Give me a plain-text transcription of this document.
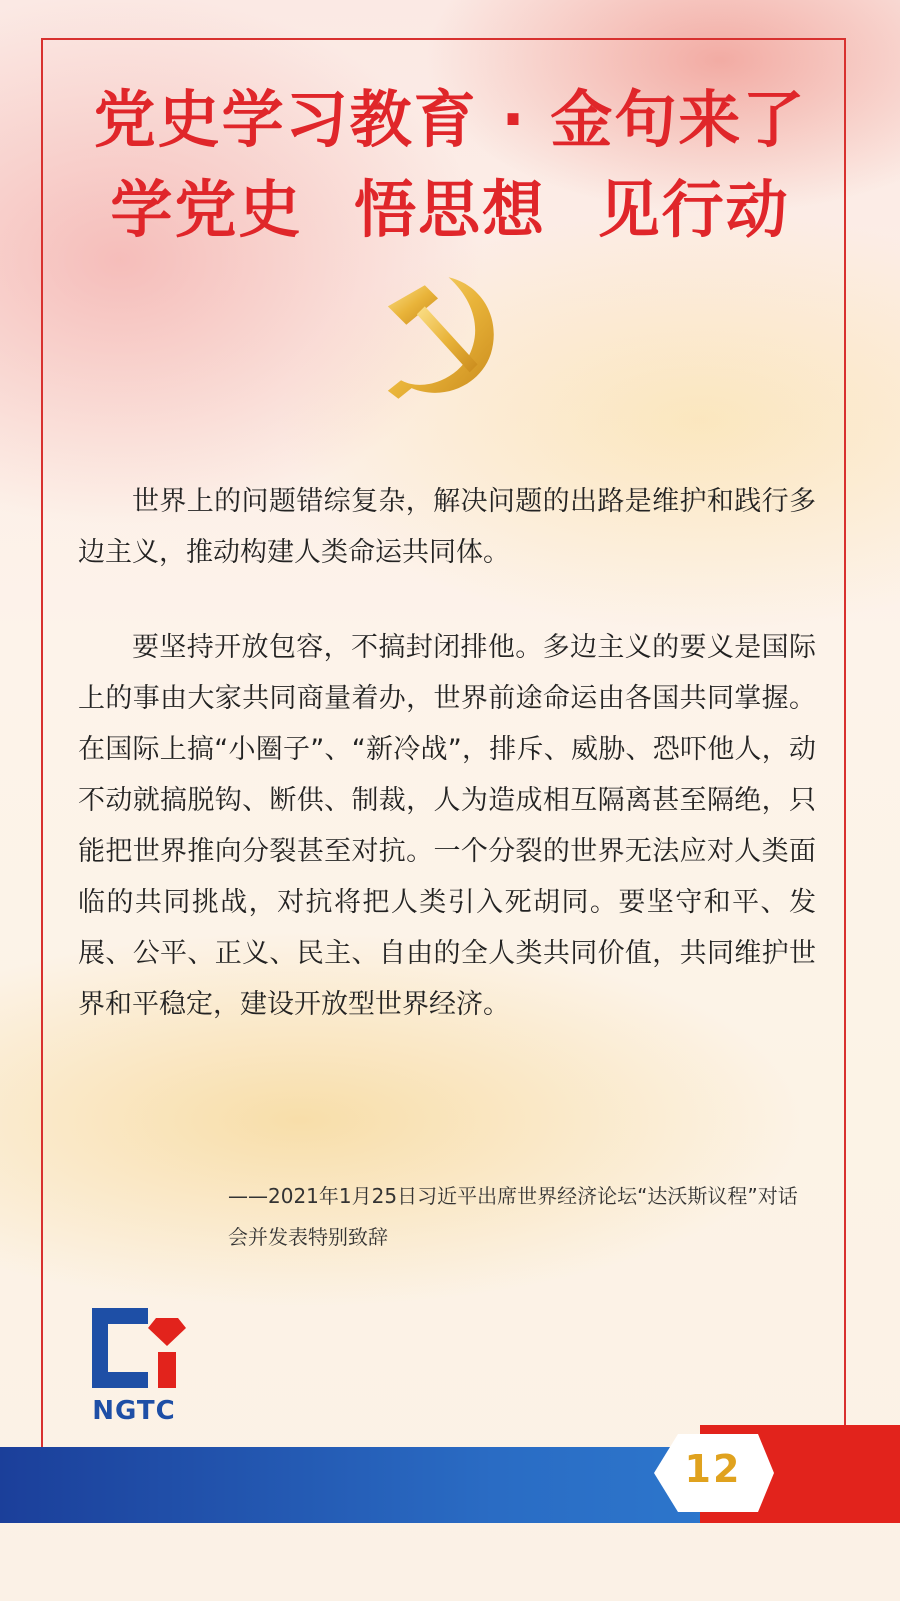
党史学习教育 · 金句来了
学党史 悟思想 见行动

世界上的问题错综复杂，解决问题的出路是维护和践行多边主义，推动构建人类命运共同体。

要坚持开放包容，不搞封闭排他。多边主义的要义是国际上的事由大家共同商量着办，世界前途命运由各国共同掌握。在国际上搞“小圈子”、“新冷战”，排斥、威胁、恐吓他人，动不动就搞脱钩、断供、制裁，人为造成相互隔离甚至隔绝，只能把世界推向分裂甚至对抗。一个分裂的世界无法应对人类面临的共同挑战，对抗将把人类引入死胡同。要坚守和平、发展、公平、正义、民主、自由的全人类共同价值，共同维护世界和平稳定，建设开放型世界经济。

——2021年1月25日习近平出席世界经济论坛“达沃斯议程”对话会并发表特别致辞

NGTC
12
